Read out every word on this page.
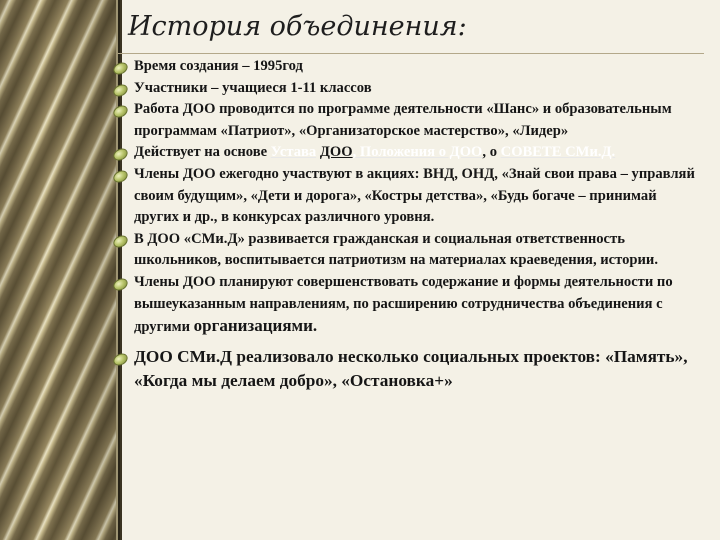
История объединения:
Время создания – 1995год
Участники – учащиеся 1-11 классов
Работа ДОО проводится по программе деятельности «Шанс» и образовательным программам «Патриот», «Организаторское мастерство», «Лидер»
Действует на основе Устава ДОО, Положения о ДОО, о СОВЕТЕ СМи.Д.
Члены ДОО ежегодно участвуют в акциях: ВНД, ОНД, «Знай свои права – управляй своим будущим», «Дети и дорога», «Костры детства», «Будь богаче – принимай других и др., в конкурсах различного уровня.
В ДОО «СМи.Д» развивается гражданская и социальная ответственность школьников, воспитывается патриотизм на материалах краеведения, истории.
Члены ДОО планируют совершенствовать содержание и формы деятельности по вышеуказанным направлениям, по расширению сотрудничества объединения с другими организациями.
ДОО СМи.Д реализовало несколько социальных проектов: «Память», «Когда мы делаем добро», «Остановка+»
